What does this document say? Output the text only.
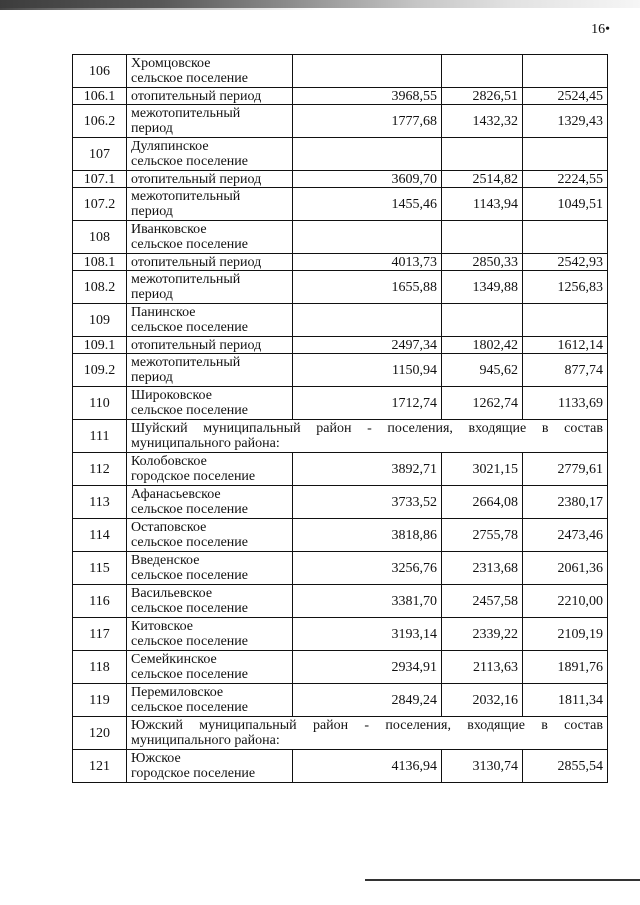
16•
106	Хромцовское
сельское поселение			

106.1	отопительный период	3968,55	2826,51	2524,45
106.2	межотопительный
период	1777,68	1432,32	1329,43
107	Дуляпинское
сельское поселение			

107.1	отопительный период	3609,70	2514,82	2224,55
107.2	межотопительный
период	1455,46	1143,94	1049,51
108	Иванковское
сельское поселение			

108.1	отопительный период	4013,73	2850,33	2542,93
108.2	межотопительный
период	1655,88	1349,88	1256,83
109	Панинское
сельское поселение			

109.1	отопительный период	2497,34	1802,42	1612,14
109.2	межотопительный
период	1150,94	945,62	877,74
110	Широковское
сельское поселение	1712,74	1262,74	1133,69
111	Шуйский муниципальный район - поселения, входящие в состав муниципального района:			
112	Колобовское
городское поселение	3892,71	3021,15	2779,61
113	Афанасьевское
сельское поселение	3733,52	2664,08	2380,17
114	Остаповское
сельское поселение	3818,86	2755,78	2473,46
115	Введенское
сельское поселение	3256,76	2313,68	2061,36
116	Васильевское
сельское поселение	3381,70	2457,58	2210,00
117	Китовское
сельское поселение	3193,14	2339,22	2109,19
118	Семейкинское
сельское поселение	2934,91	2113,63	1891,76
119	Перемиловское
сельское поселение	2849,24	2032,16	1811,34
120	Южский муниципальный район - поселения, входящие в состав муниципального района:			
121	Южское
городское поселение	4136,94	3130,74	2855,54
